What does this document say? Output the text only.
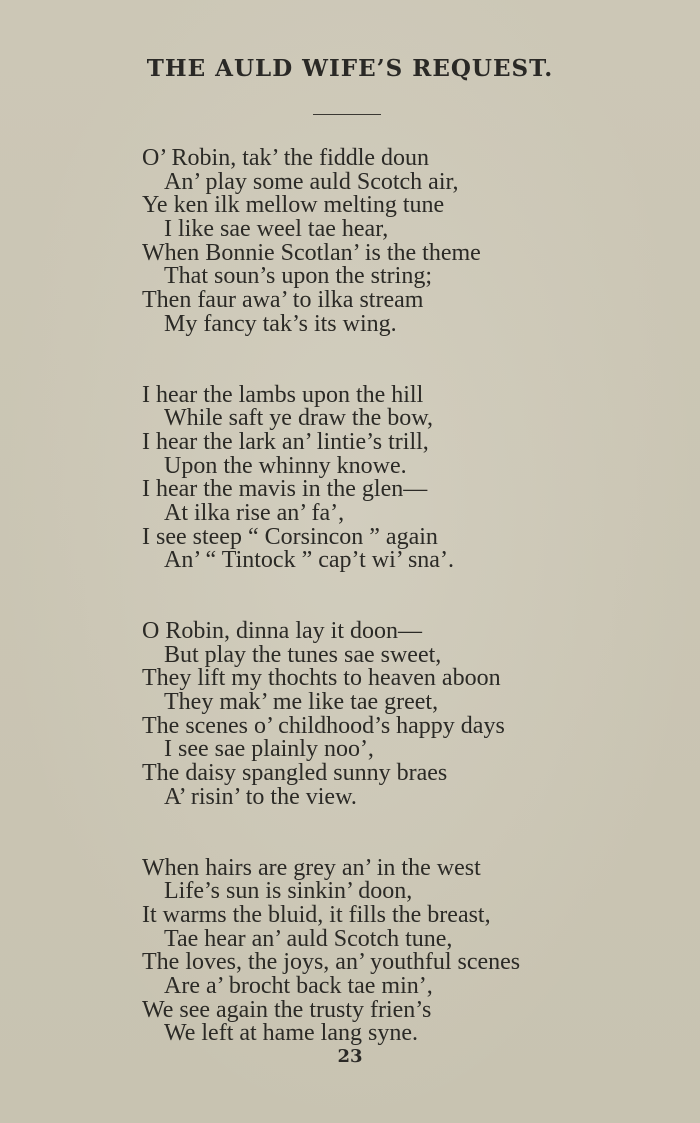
THE AULD WIFE’S REQUEST.
O’ Robin, tak’ the fiddle doun
An’ play some auld Scotch air,
Ye ken ilk mellow melting tune
I like sae weel tae hear,
When Bonnie Scotlan’ is the theme
That soun’s upon the string;
Then faur awa’ to ilka stream
My fancy tak’s its wing.
I hear the lambs upon the hill
While saft ye draw the bow,
I hear the lark an’ lintie’s trill,
Upon the whinny knowe.
I hear the mavis in the glen—
At ilka rise an’ fa’,
I see steep “ Corsincon ” again
An’ “ Tintock ” cap’t wi’ sna’.
O Robin, dinna lay it doon—
But play the tunes sae sweet,
They lift my thochts to heaven aboon
They mak’ me like tae greet,
The scenes o’ childhood’s happy days
I see sae plainly noo’,
The daisy spangled sunny braes
A’ risin’ to the view.
When hairs are grey an’ in the west
Life’s sun is sinkin’ doon,
It warms the bluid, it fills the breast,
Tae hear an’ auld Scotch tune,
The loves, the joys, an’ youthful scenes
Are a’ brocht back tae min’,
We see again the trusty frien’s
We left at hame lang syne.
23
